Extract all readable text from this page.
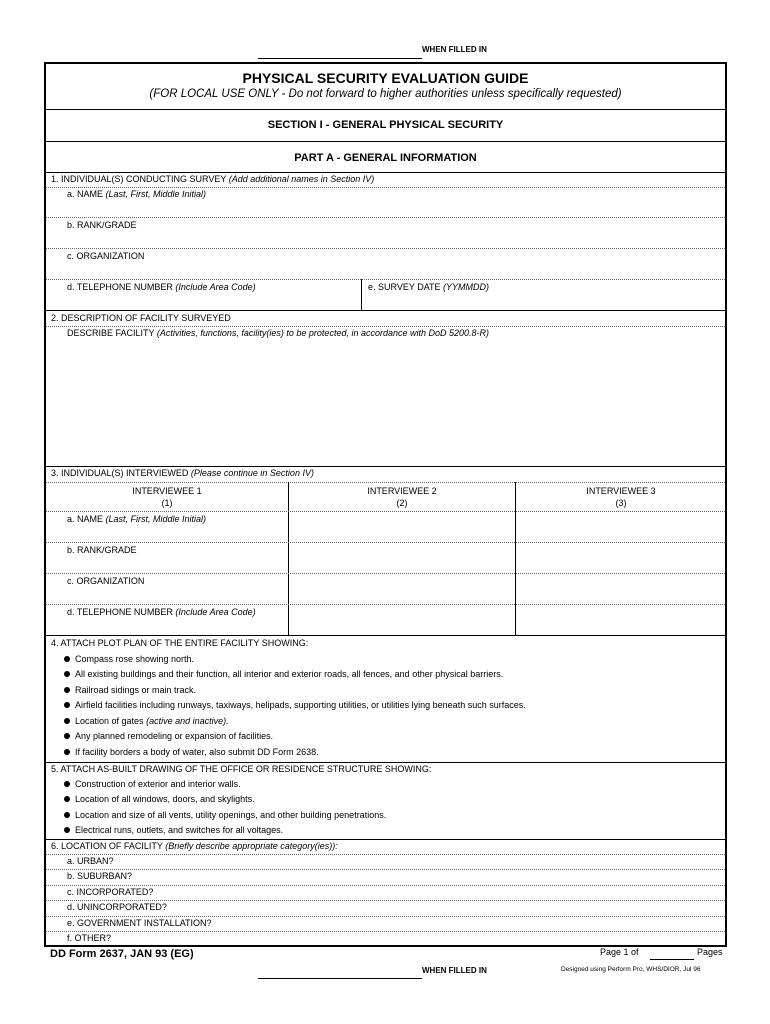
WHEN FILLED IN
PHYSICAL SECURITY EVALUATION GUIDE
(FOR LOCAL USE ONLY - Do not forward to higher authorities unless specifically requested)
SECTION I - GENERAL PHYSICAL SECURITY
PART A - GENERAL INFORMATION
1. INDIVIDUAL(S) CONDUCTING SURVEY (Add additional names in Section IV)
a. NAME (Last, First, Middle Initial)
b. RANK/GRADE
c. ORGANIZATION
d. TELEPHONE NUMBER (Include Area Code)	e. SURVEY DATE (YYMMDD)
2. DESCRIPTION OF FACILITY SURVEYED
DESCRIBE FACILITY (Activities, functions, facility(ies) to be protected, in accordance with DoD 5200.8-R)
3. INDIVIDUAL(S) INTERVIEWED (Please continue in Section IV)
INTERVIEWEE 1
(1)
INTERVIEWEE 2
(2)
INTERVIEWEE 3
(3)
a. NAME (Last, First, Middle Initial)
b. RANK/GRADE
c. ORGANIZATION
d. TELEPHONE NUMBER (Include Area Code)
4. ATTACH PLOT PLAN OF THE ENTIRE FACILITY SHOWING:
Compass rose showing north.
All existing buildings and their function, all interior and exterior roads, all fences, and other physical barriers.
Railroad sidings or main track.
Airfield facilities including runways, taxiways, helipads, supporting utilities, or utilities lying beneath such surfaces.
Location of gates (active and inactive).
Any planned remodeling or expansion of facilities.
If facility borders a body of water, also submit DD Form 2638.
5. ATTACH AS-BUILT DRAWING OF THE OFFICE OR RESIDENCE STRUCTURE SHOWING:
Construction of exterior and interior walls.
Location of all windows, doors, and skylights.
Location and size of all vents, utility openings, and other building penetrations.
Electrical runs, outlets, and switches for all voltages.
6. LOCATION OF FACILITY (Briefly describe appropriate category(ies)):
a. URBAN?
b. SUBURBAN?
c. INCORPORATED?
d. UNINCORPORATED?
e. GOVERNMENT INSTALLATION?
f. OTHER?
DD Form 2637, JAN 93 (EG)	Page 1 of	Pages
WHEN FILLED IN	Designed using Perform Pro, WHS/DIOR, Jul 96
